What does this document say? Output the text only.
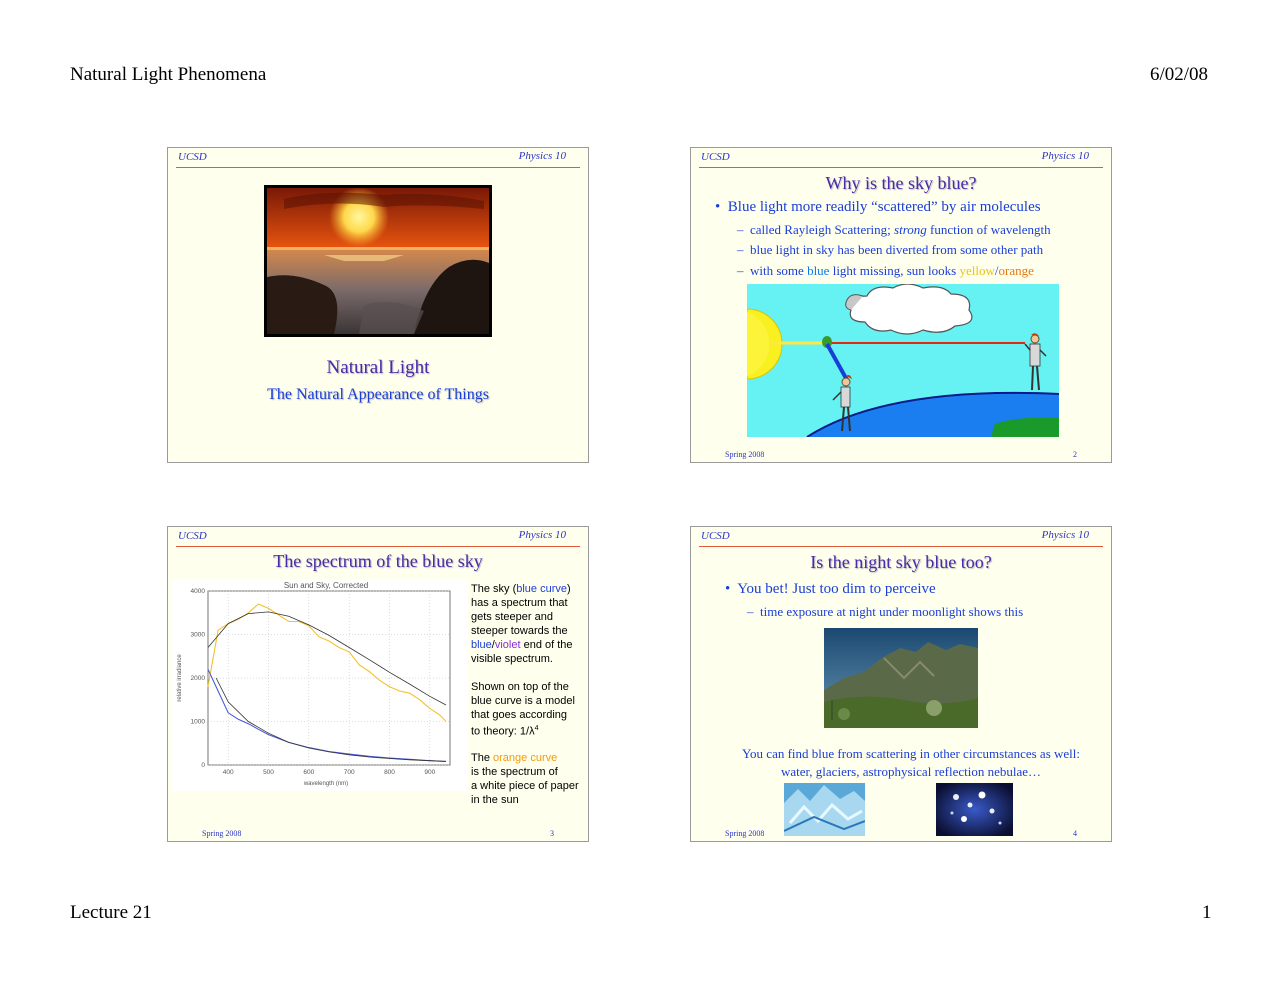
Natural Light Phenomena	6/02/08
Lecture 21	1
UCSD	Physics 10
Natural Light
The Natural Appearance of Things
UCSD	Physics 10
Why is the sky blue?
•  Blue light more readily “scattered” by air molecules
–  called Rayleigh Scattering; strong function of wavelength
–  blue light in sky has been diverted from some other path
–  with some blue light missing, sun looks yellow/orange
Spring 2008	2
UCSD	Physics 10
The spectrum of the blue sky
Sun and Sky, Corrected
relative irradiance
wavelength (nm)
400	500	600	700	800	900
0
1000
2000
3000
4000	The sky (blue curve)
has a spectrum that
gets steeper and
steeper towards the
blue/violet end of the
visible spectrum.
Shown on top of the
blue curve is a model
that goes according
to theory: $1/\lambda^4$
The orange curve
is the spectrum of
a white piece of paper
in the sun
Spring 2008	3
UCSD	Physics 10
Is the night sky blue too?
•  You bet! Just too dim to perceive
–  time exposure at night under moonlight shows this
You can find blue from scattering in other circumstances as well:
water, glaciers, astrophysical reflection nebulae…
Spring 2008	4
